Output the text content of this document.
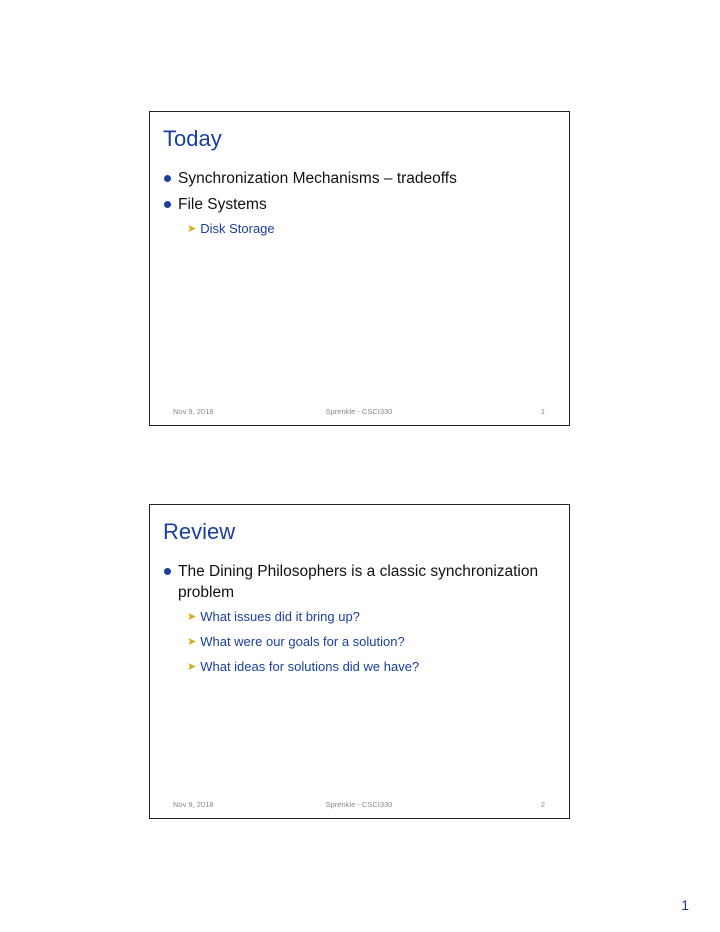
Today
Synchronization Mechanisms – tradeoffs
File Systems
➤ Disk Storage
Nov 9, 2018	Sprenkle - CSCI330	1
Review
The Dining Philosophers is a classic synchronization problem
➤ What issues did it bring up?
➤ What were our goals for a solution?
➤ What ideas for solutions did we have?
Nov 9, 2018	Sprenkle - CSCI330	2
1
